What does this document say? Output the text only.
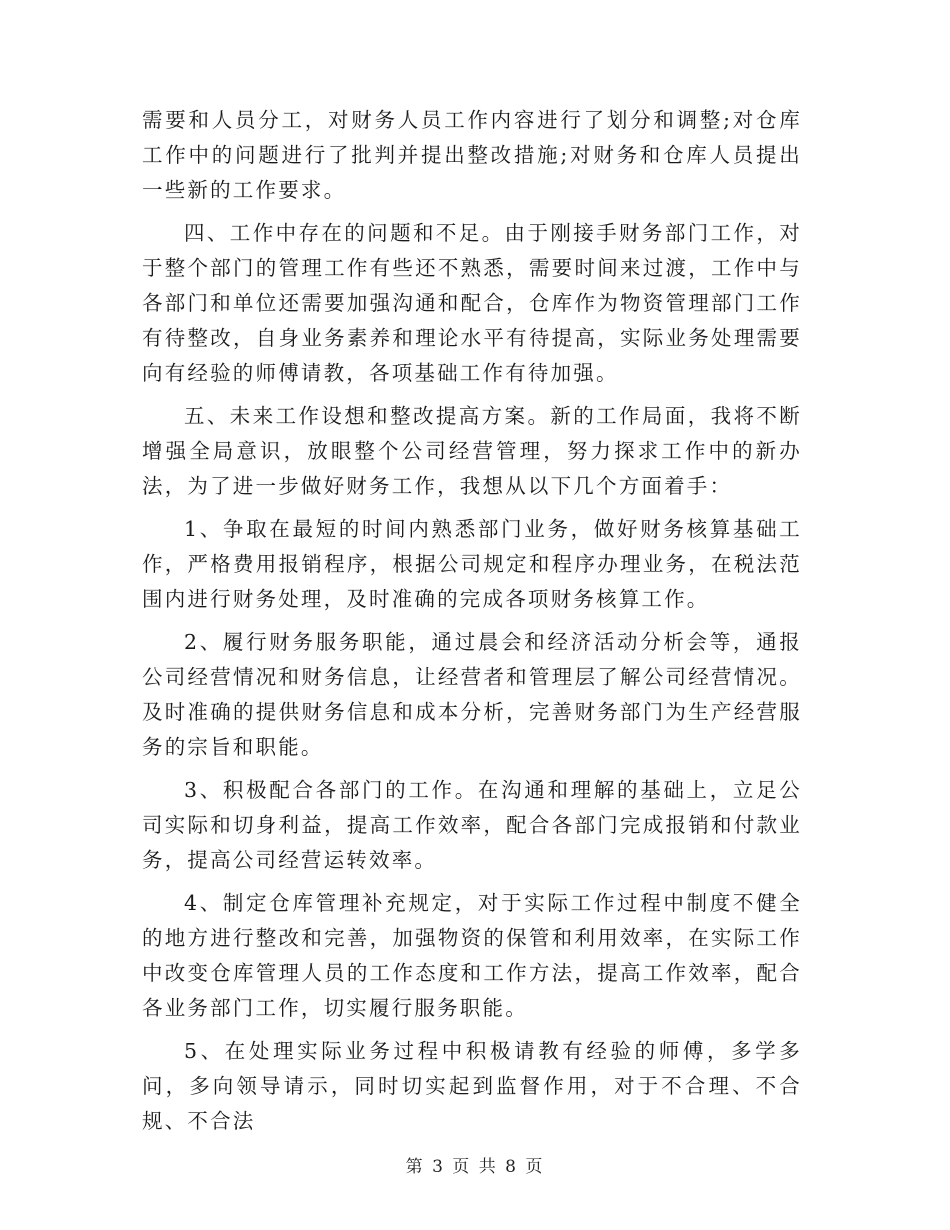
需要和人员分工，对财务人员工作内容进行了划分和调整;对仓库工作中的问题进行了批判并提出整改措施;对财务和仓库人员提出一些新的工作要求。

四、工作中存在的问题和不足。由于刚接手财务部门工作，对于整个部门的管理工作有些还不熟悉，需要时间来过渡，工作中与各部门和单位还需要加强沟通和配合，仓库作为物资管理部门工作有待整改，自身业务素养和理论水平有待提高，实际业务处理需要向有经验的师傅请教，各项基础工作有待加强。

五、未来工作设想和整改提高方案。新的工作局面，我将不断增强全局意识，放眼整个公司经营管理，努力探求工作中的新办法，为了进一步做好财务工作，我想从以下几个方面着手：

1、争取在最短的时间内熟悉部门业务，做好财务核算基础工作，严格费用报销程序，根据公司规定和程序办理业务，在税法范围内进行财务处理，及时准确的完成各项财务核算工作。

2、履行财务服务职能，通过晨会和经济活动分析会等，通报公司经营情况和财务信息，让经营者和管理层了解公司经营情况。及时准确的提供财务信息和成本分析，完善财务部门为生产经营服务的宗旨和职能。

3、积极配合各部门的工作。在沟通和理解的基础上，立足公司实际和切身利益，提高工作效率，配合各部门完成报销和付款业务，提高公司经营运转效率。

4、制定仓库管理补充规定，对于实际工作过程中制度不健全的地方进行整改和完善，加强物资的保管和利用效率，在实际工作中改变仓库管理人员的工作态度和工作方法，提高工作效率，配合各业务部门工作，切实履行服务职能。

5、在处理实际业务过程中积极请教有经验的师傅，多学多问，多向领导请示，同时切实起到监督作用，对于不合理、不合规、不合法

第 3 页 共 8 页
